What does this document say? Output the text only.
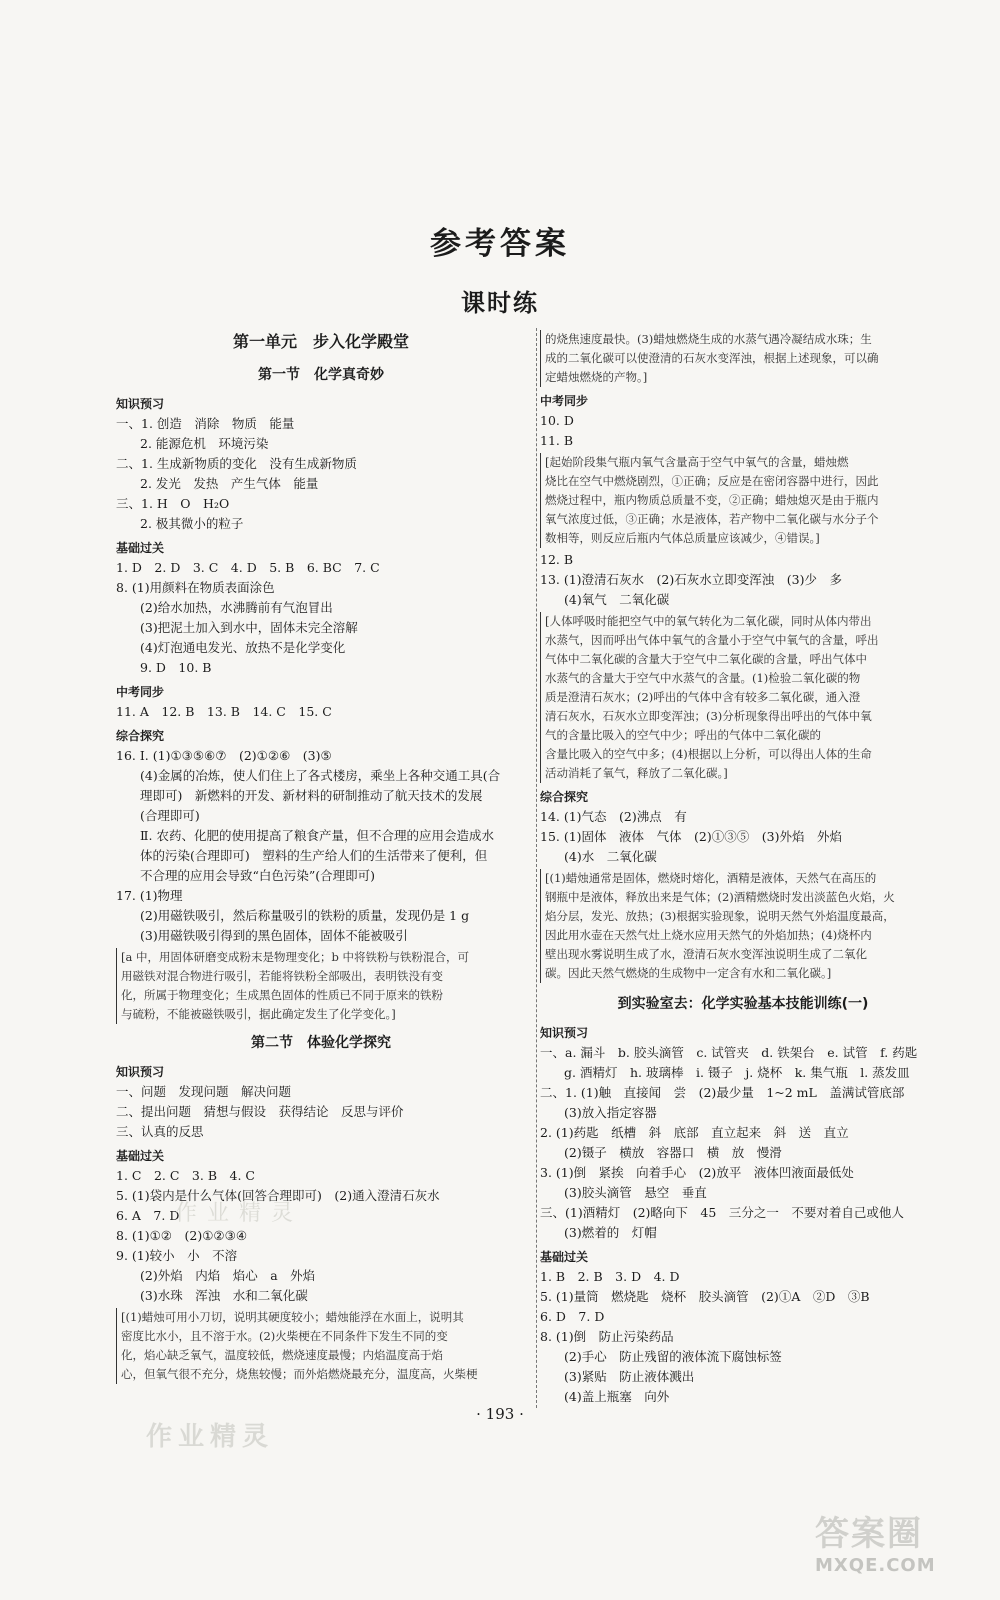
参考答案
课时练
第一单元　步入化学殿堂
第一节　化学真奇妙
知识预习
一、1. 创造　消除　物质　能量
2. 能源危机　环境污染
二、1. 生成新物质的变化　没有生成新物质
2. 发光　发热　产生气体　能量
三、1. H　O　H₂O
2. 极其微小的粒子
基础过关
1. D　2. D　3. C　4. D　5. B　6. BC　7. C
8. (1)用颜料在物质表面涂色
(2)给水加热，水沸腾前有气泡冒出
(3)把泥土加入到水中，固体未完全溶解
(4)灯泡通电发光、放热不是化学变化
9. D　10. B
中考同步
11. A　12. B　13. B　14. C　15. C
综合探究
16. Ⅰ. (1)①③⑤⑥⑦　(2)①②⑥　(3)⑤
(4)金属的冶炼，使人们住上了各式楼房，乘坐上各种交通工具(合
理即可)　新燃料的开发、新材料的研制推动了航天技术的发展
(合理即可)
Ⅱ. 农药、化肥的使用提高了粮食产量，但不合理的应用会造成水
体的污染(合理即可)　塑料的生产给人们的生活带来了便利，但
不合理的应用会导致“白色污染”(合理即可)
17. (1)物理
(2)用磁铁吸引，然后称量吸引的铁粉的质量，发现仍是 1 g
(3)用磁铁吸引得到的黑色固体，固体不能被吸引
[a 中，用固体研磨变成粉末是物理变化；b 中将铁粉与铁粉混合，可
用磁铁对混合物进行吸引，若能将铁粉全部吸出，表明铁没有变
化，所属于物理变化；生成黑色固体的性质已不同于原来的铁粉
与硫粉，不能被磁铁吸引，据此确定发生了化学变化。]
第二节　体验化学探究
知识预习
一、问题　发现问题　解决问题
二、提出问题　猜想与假设　获得结论　反思与评价
三、认真的反思
基础过关
1. C　2. C　3. B　4. C
5. (1)袋内是什么气体(回答合理即可)　(2)通入澄清石灰水
6. A　7. D
8. (1)①②　(2)①②③④
9. (1)较小　小　不溶
(2)外焰　内焰　焰心　a　外焰
(3)水珠　浑浊　水和二氧化碳
[(1)蜡烛可用小刀切，说明其硬度较小；蜡烛能浮在水面上，说明其
密度比水小，且不溶于水。(2)火柴梗在不同条件下发生不同的变
化，焰心缺乏氧气，温度较低，燃烧速度最慢；内焰温度高于焰
心，但氧气很不充分，烧焦较慢；而外焰燃烧最充分，温度高，火柴梗
的烧焦速度最快。(3)蜡烛燃烧生成的水蒸气遇冷凝结成水珠；生
成的二氧化碳可以使澄清的石灰水变浑浊，根据上述现象，可以确
定蜡烛燃烧的产物。]
中考同步
10. D
11. B
[起始阶段集气瓶内氧气含量高于空气中氧气的含量，蜡烛燃
烧比在空气中燃烧剧烈，①正确；反应是在密闭容器中进行，因此
燃烧过程中，瓶内物质总质量不变，②正确；蜡烛熄灭是由于瓶内
氧气浓度过低，③正确；水是液体，若产物中二氧化碳与水分子个
数相等，则反应后瓶内气体总质量应该减少，④错误。]
12. B
13. (1)澄清石灰水　(2)石灰水立即变浑浊　(3)少　多
(4)氧气　二氧化碳
[人体呼吸时能把空气中的氧气转化为二氧化碳，同时从体内带出
水蒸气，因而呼出气体中氧气的含量小于空气中氧气的含量，呼出
气体中二氧化碳的含量大于空气中二氧化碳的含量，呼出气体中
水蒸气的含量大于空气中水蒸气的含量。(1)检验二氧化碳的物
质是澄清石灰水；(2)呼出的气体中含有较多二氧化碳，通入澄
清石灰水，石灰水立即变浑浊；(3)分析现象得出呼出的气体中氧
气的含量比吸入的空气中少；呼出的气体中二氧化碳的
含量比吸入的空气中多；(4)根据以上分析，可以得出人体的生命
活动消耗了氧气，释放了二氧化碳。]
综合探究
14. (1)气态　(2)沸点　有
15. (1)固体　液体　气体　(2)①③⑤　(3)外焰　外焰
(4)水　二氧化碳
[(1)蜡烛通常是固体，燃烧时熔化，酒精是液体，天然气在高压的
钢瓶中是液体，释放出来是气体；(2)酒精燃烧时发出淡蓝色火焰，火
焰分层，发光、放热；(3)根据实验现象，说明天然气外焰温度最高，
因此用水壶在天然气灶上烧水应用天然气的外焰加热；(4)烧杯内
壁出现水雾说明生成了水，澄清石灰水变浑浊说明生成了二氧化
碳。因此天然气燃烧的生成物中一定含有水和二氧化碳。]
到实验室去：化学实验基本技能训练(一)
知识预习
一、a. 漏斗　b. 胶头滴管　c. 试管夹　d. 铁架台　e. 试管　f. 药匙
g. 酒精灯　h. 玻璃棒　i. 镊子　j. 烧杯　k. 集气瓶　l. 蒸发皿
二、1. (1)触　直接闻　尝　(2)最少量　1~2 mL　盖满试管底部
(3)放入指定容器
2. (1)药匙　纸槽　斜　底部　直立起来　斜　送　直立
(2)镊子　横放　容器口　横　放　慢滑
3. (1)倒　紧挨　向着手心　(2)放平　液体凹液面最低处
(3)胶头滴管　悬空　垂直
三、(1)酒精灯　(2)略向下　45　三分之一　不要对着自己或他人
(3)燃着的　灯帽
基础过关
1. B　2. B　3. D　4. D
5. (1)量筒　燃烧匙　烧杯　胶头滴管　(2)①A　②D　③B
6. D　7. D
8. (1)倒　防止污染药品
(2)手心　防止残留的液体流下腐蚀标签
(3)紧贴　防止液体溅出
(4)盖上瓶塞　向外
· 193 ·
作业精灵
作业精灵
答案圈
MXQE.COM
